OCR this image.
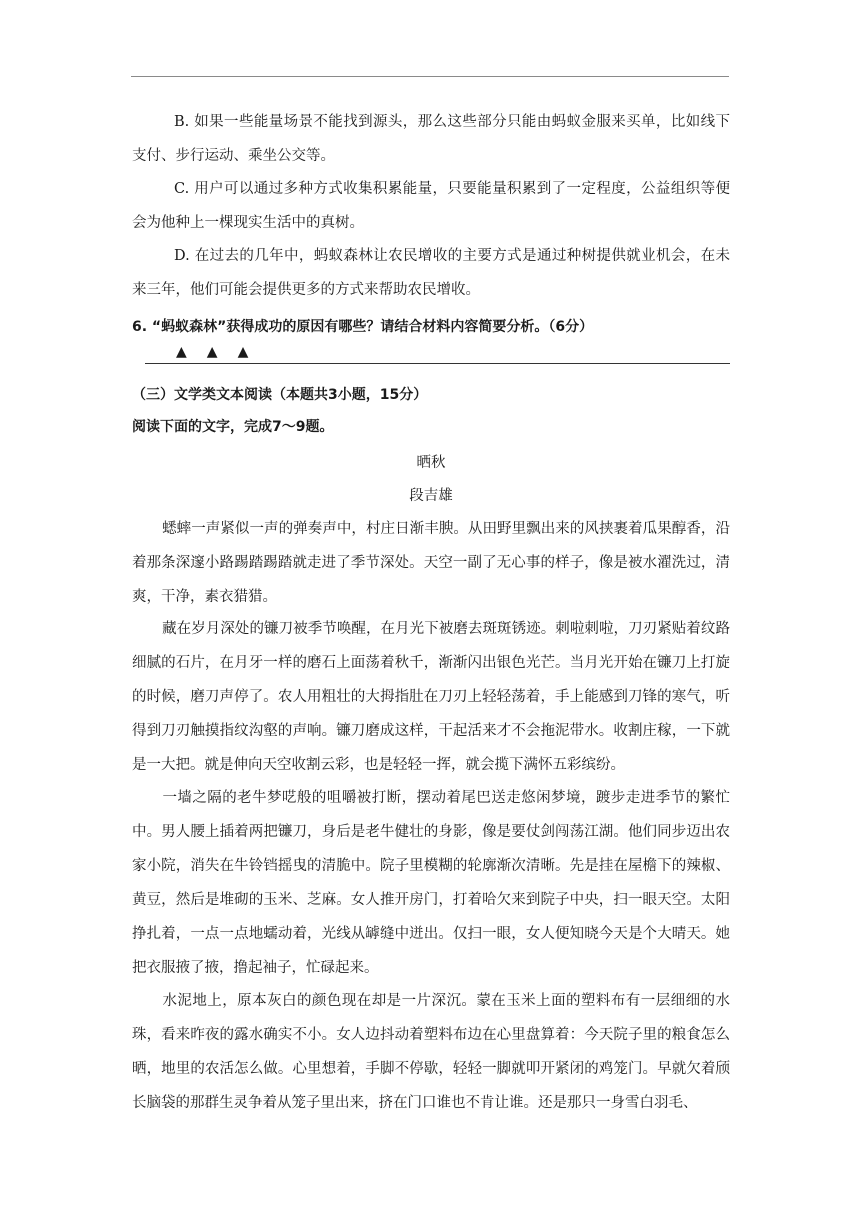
B. 如果一些能量场景不能找到源头，那么这些部分只能由蚂蚁金服来买单，比如线下支付、步行运动、乘坐公交等。
C. 用户可以通过多种方式收集积累能量，只要能量积累到了一定程度，公益组织等便会为他种上一棵现实生活中的真树。
D. 在过去的几年中，蚂蚁森林让农民增收的主要方式是通过种树提供就业机会，在未来三年，他们可能会提供更多的方式来帮助农民增收。
6. “蚂蚁森林”获得成功的原因有哪些？请结合材料内容简要分析。（6分）
▲ ▲ ▲
（三）文学类文本阅读（本题共3小题，15分）
阅读下面的文字，完成7～9题。
晒秋
段吉雄
蟋蟀一声紧似一声的弹奏声中，村庄日渐丰腴。从田野里飘出来的风挟裹着瓜果醇香，沿着那条深邃小路踢踏踢踏就走进了季节深处。天空一副了无心事的样子，像是被水濯洗过，清爽，干净，素衣猎猎。
藏在岁月深处的镰刀被季节唤醒，在月光下被磨去斑斑锈迹。刺啦刺啦，刀刃紧贴着纹路细腻的石片，在月牙一样的磨石上面荡着秋千，渐渐闪出银色光芒。当月光开始在镰刀上打旋的时候，磨刀声停了。农人用粗壮的大拇指肚在刀刃上轻轻荡着，手上能感到刀锋的寒气，听得到刀刃触摸指纹沟壑的声响。镰刀磨成这样，干起活来才不会拖泥带水。收割庄稼，一下就是一大把。就是伸向天空收割云彩，也是轻轻一挥，就会揽下满怀五彩缤纷。
一墙之隔的老牛梦呓般的咀嚼被打断，摆动着尾巴送走悠闲梦境，踱步走进季节的繁忙中。男人腰上插着两把镰刀，身后是老牛健壮的身影，像是要仗剑闯荡江湖。他们同步迈出农家小院，消失在牛铃铛摇曳的清脆中。院子里模糊的轮廓渐次清晰。先是挂在屋檐下的辣椒、黄豆，然后是堆砌的玉米、芝麻。女人推开房门，打着哈欠来到院子中央，扫一眼天空。太阳挣扎着，一点一点地蠕动着，光线从罅缝中迸出。仅扫一眼，女人便知晓今天是个大晴天。她把衣服掖了掖，撸起袖子，忙碌起来。
水泥地上，原本灰白的颜色现在却是一片深沉。蒙在玉米上面的塑料布有一层细细的水珠，看来昨夜的露水确实不小。女人边抖动着塑料布边在心里盘算着：今天院子里的粮食怎么晒，地里的农活怎么做。心里想着，手脚不停歇，轻轻一脚就叩开紧闭的鸡笼门。早就欠着颀长脑袋的那群生灵争着从笼子里出来，挤在门口谁也不肯让谁。还是那只一身雪白羽毛、
